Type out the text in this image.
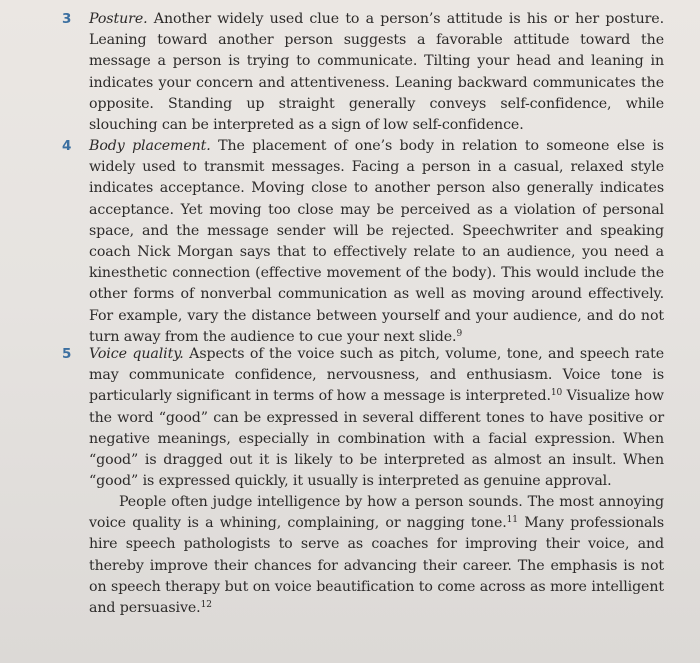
3 Posture. Another widely used clue to a person’s attitude is his or her posture. Leaning toward another person suggests a favorable attitude toward the message a person is trying to communicate. Tilting your head and leaning in indicates your concern and attentiveness. Leaning backward communicates the opposite. Standing up straight generally conveys self-confidence, while slouching can be interpreted as a sign of low self-confidence.
4 Body placement. The placement of one’s body in relation to someone else is widely used to transmit messages. Facing a person in a casual, relaxed style indicates acceptance. Moving close to another person also generally indicates acceptance. Yet moving too close may be perceived as a violation of personal space, and the message sender will be rejected. Speechwriter and speaking coach Nick Morgan says that to effectively relate to an audience, you need a kinesthetic connection (effective movement of the body). This would include the other forms of nonverbal communication as well as moving around effectively. For example, vary the distance between yourself and your audience, and do not turn away from the audience to cue your next slide.$^9$
5 Voice quality. Aspects of the voice such as pitch, volume, tone, and speech rate may communicate confidence, nervousness, and enthusiasm. Voice tone is particularly significant in terms of how a message is interpreted.$^{10}$ Visualize how the word “good” can be expressed in several different tones to have positive or negative meanings, especially in combination with a facial expression. When “good” is dragged out it is likely to be interpreted as almost an insult. When “good” is expressed quickly, it usually is interpreted as genuine approval.
People often judge intelligence by how a person sounds. The most annoying voice quality is a whining, complaining, or nagging tone.$^{11}$ Many professionals hire speech pathologists to serve as coaches for improving their voice, and thereby improve their chances for advancing their career. The emphasis is not on speech therapy but on voice beautification to come across as more intelligent and persuasive.$^{12}$
